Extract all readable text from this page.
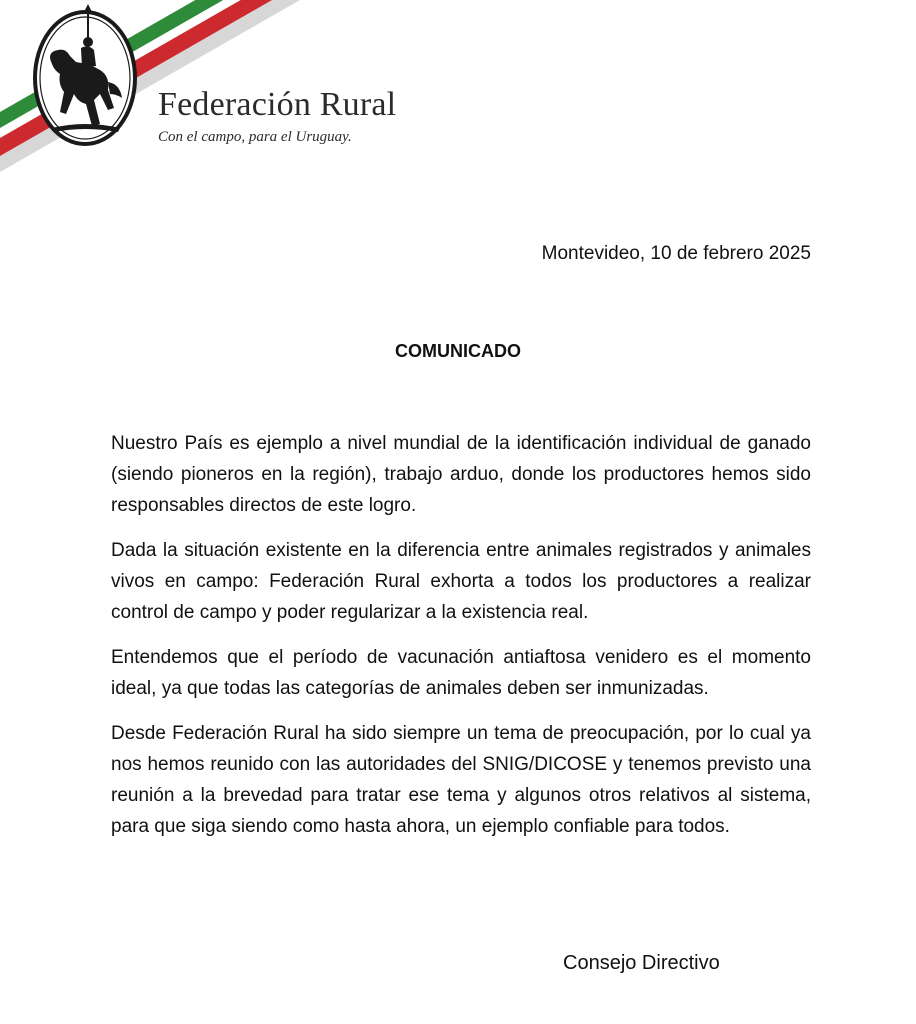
Federación Rural
Con el campo, para el Uruguay.
Montevideo, 10 de febrero 2025
COMUNICADO

Nuestro País es ejemplo a nivel mundial de la identificación individual de ganado (siendo pioneros en la región), trabajo arduo, donde los productores hemos sido responsables directos de este logro.

Dada la situación existente en la diferencia entre animales registrados y animales vivos en campo: Federación Rural exhorta a todos los productores a realizar control de campo y poder regularizar a la existencia real.

Entendemos que el período de vacunación antiaftosa venidero es el momento ideal, ya que todas las categorías de animales deben ser inmunizadas.

Desde Federación Rural ha sido siempre un tema de preocupación, por lo cual ya nos hemos reunido con las autoridades del SNIG/DICOSE y tenemos previsto una reunión a la brevedad para tratar ese tema y algunos otros relativos al sistema, para que siga siendo como hasta ahora, un ejemplo confiable para todos.

Consejo Directivo
